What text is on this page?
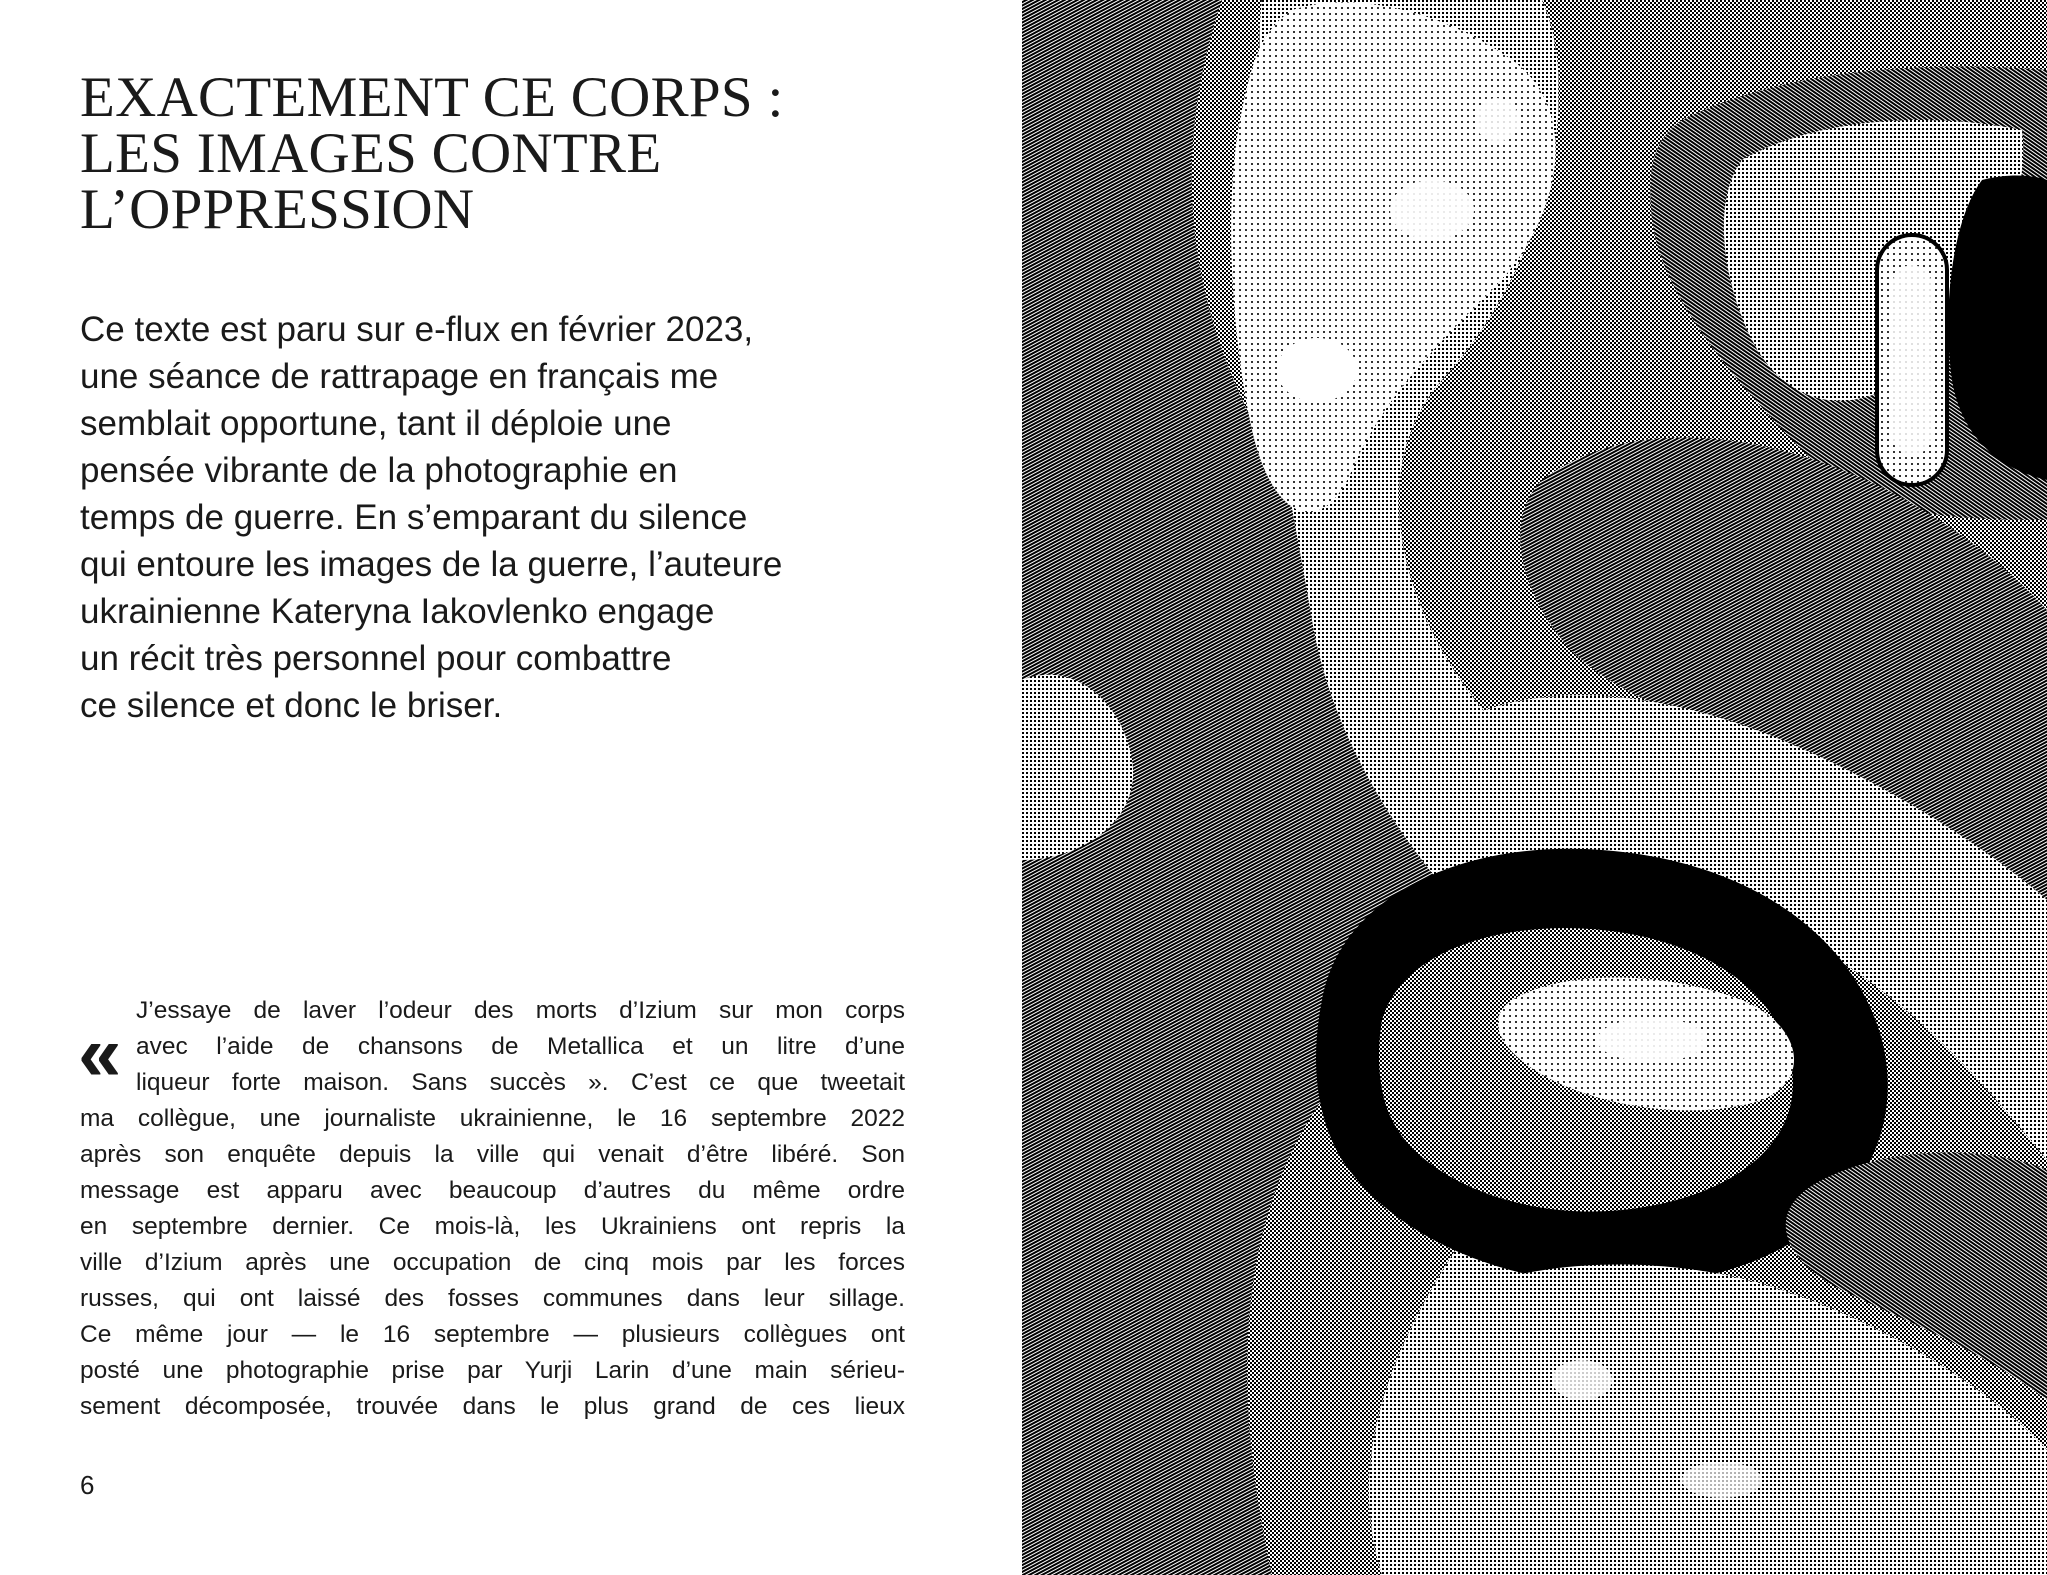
EXACTEMENT CE CORPS :
LES IMAGES CONTRE
L’OPPRESSION
Ce texte est paru sur e-flux en février 2023,
une séance de rattrapage en français me
semblait opportune, tant il déploie une
pensée vibrante de la photographie en
temps de guerre. En s’emparant du silence
qui entoure les images de la guerre, l’auteure
ukrainienne Kateryna Iakovlenko engage
un récit très personnel pour combattre
ce silence et donc le briser.
« J’essaye de laver l’odeur des morts d’Izium sur mon corps
avec l’aide de chansons de Metallica et un litre d’une
liqueur forte maison. Sans succès ». C’est ce que tweetait
ma collègue, une journaliste ukrainienne, le 16 septembre 2022
après son enquête depuis la ville qui venait d’être libéré. Son
message est apparu avec beaucoup d’autres du même ordre
en septembre dernier. Ce mois-là, les Ukrainiens ont repris la
ville d’Izium après une occupation de cinq mois par les forces
russes, qui ont laissé des fosses communes dans leur sillage.
Ce même jour — le 16 septembre — plusieurs collègues ont
posté une photographie prise par Yurji Larin d’une main sérieu-
sement décomposée, trouvée dans le plus grand de ces lieux
6
